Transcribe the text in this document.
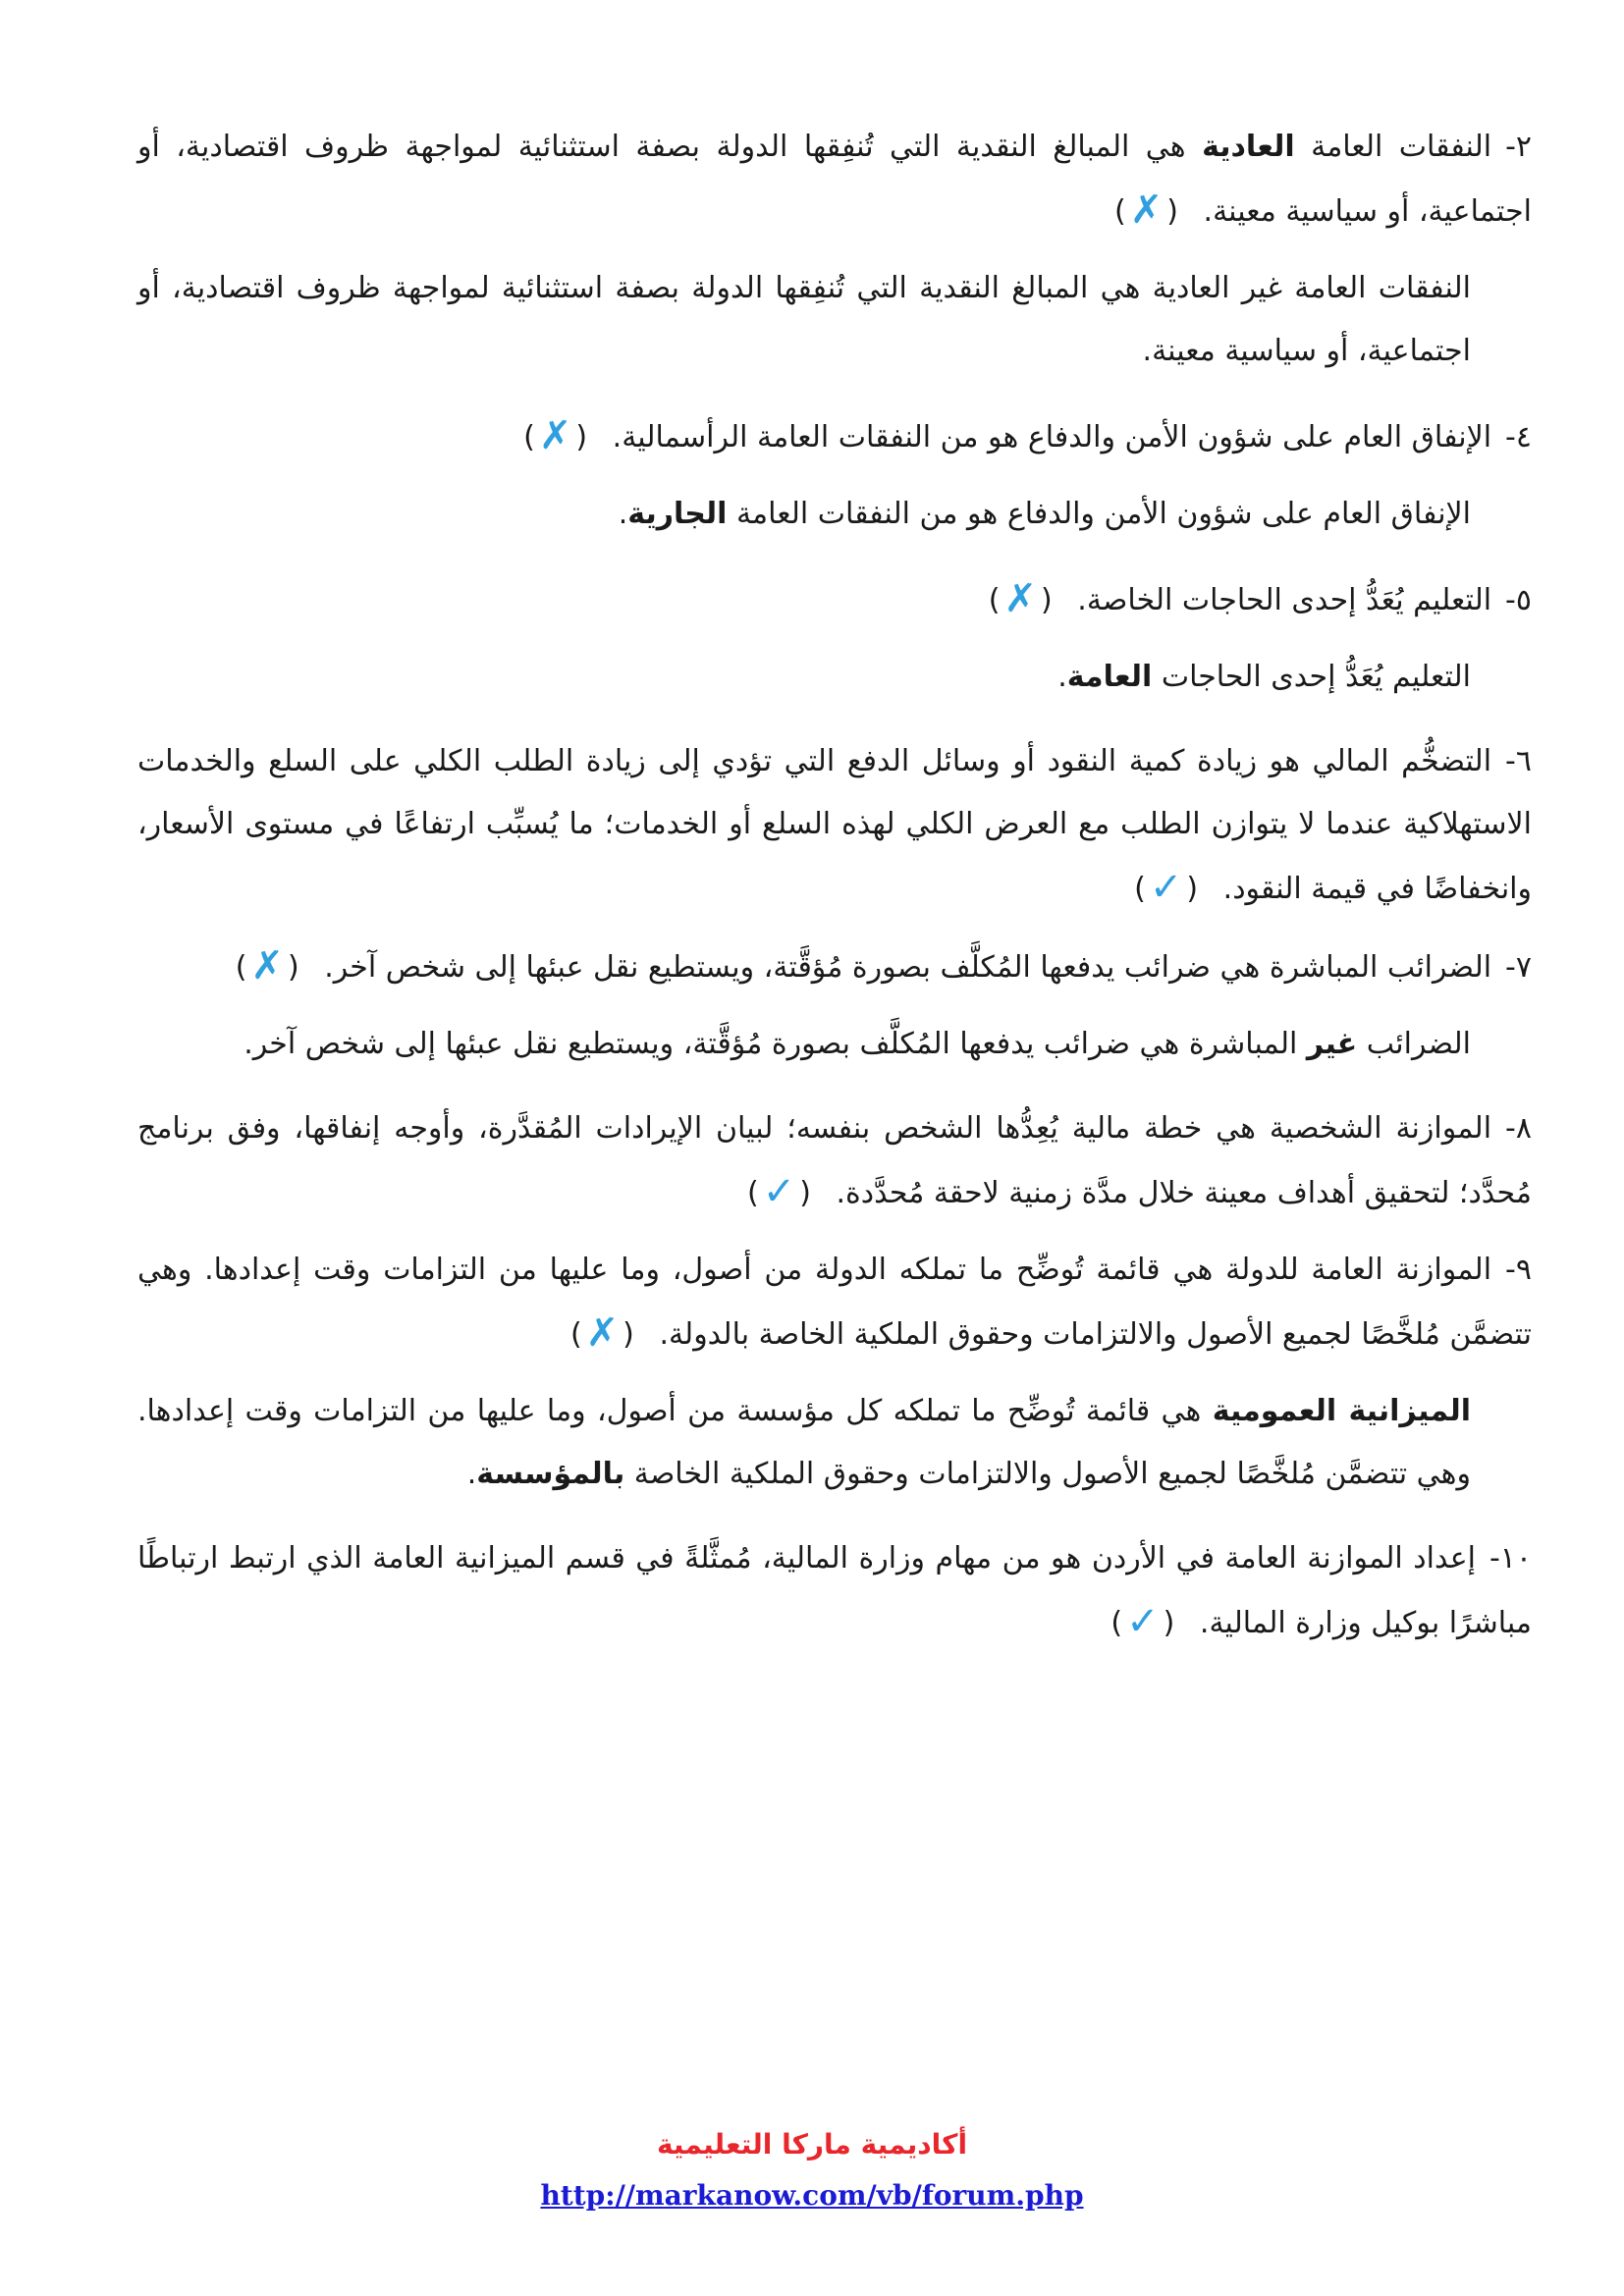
٢-النفقات العامة العادية هي المبالغ النقدية التي تُنفِقها الدولة بصفة استثنائية لمواجهة ظروف اقتصادية، أو اجتماعية، أو سياسية معينة. (✗)

النفقات العامة غير العادية هي المبالغ النقدية التي تُنفِقها الدولة بصفة استثنائية لمواجهة ظروف اقتصادية، أو اجتماعية، أو سياسية معينة.

٤-الإنفاق العام على شؤون الأمن والدفاع هو من النفقات العامة الرأسمالية. (✗)

الإنفاق العام على شؤون الأمن والدفاع هو من النفقات العامة الجارية.

٥-التعليم يُعَدُّ إحدى الحاجات الخاصة. (✗)

التعليم يُعَدُّ إحدى الحاجات العامة.

٦-التضخُّم المالي هو زيادة كمية النقود أو وسائل الدفع التي تؤدي إلى زيادة الطلب الكلي على السلع والخدمات الاستهلاكية عندما لا يتوازن الطلب مع العرض الكلي لهذه السلع أو الخدمات؛ ما يُسبِّب ارتفاعًا في مستوى الأسعار، وانخفاضًا في قيمة النقود. (✓)

٧-الضرائب المباشرة هي ضرائب يدفعها المُكلَّف بصورة مُؤقَّتة، ويستطيع نقل عبئها إلى شخص آخر. (✗)

الضرائب غير المباشرة هي ضرائب يدفعها المُكلَّف بصورة مُؤقَّتة، ويستطيع نقل عبئها إلى شخص آخر.

٨-الموازنة الشخصية هي خطة مالية يُعِدُّها الشخص بنفسه؛ لبيان الإيرادات المُقدَّرة، وأوجه إنفاقها، وفق برنامج مُحدَّد؛ لتحقيق أهداف معينة خلال مدَّة زمنية لاحقة مُحدَّدة. (✓)

٩-الموازنة العامة للدولة هي قائمة تُوضِّح ما تملكه الدولة من أصول، وما عليها من التزامات وقت إعدادها. وهي تتضمَّن مُلخَّصًا لجميع الأصول والالتزامات وحقوق الملكية الخاصة بالدولة. (✗)

الميزانية العمومية هي قائمة تُوضِّح ما تملكه كل مؤسسة من أصول، وما عليها من التزامات وقت إعدادها. وهي تتضمَّن مُلخَّصًا لجميع الأصول والالتزامات وحقوق الملكية الخاصة بالمؤسسة.

١٠-إعداد الموازنة العامة في الأردن هو من مهام وزارة المالية، مُمثَّلةً في قسم الميزانية العامة الذي ارتبط ارتباطًا مباشرًا بوكيل وزارة المالية. (✓)

أكاديمية ماركا التعليمية
http://markanow.com/vb/forum.php
